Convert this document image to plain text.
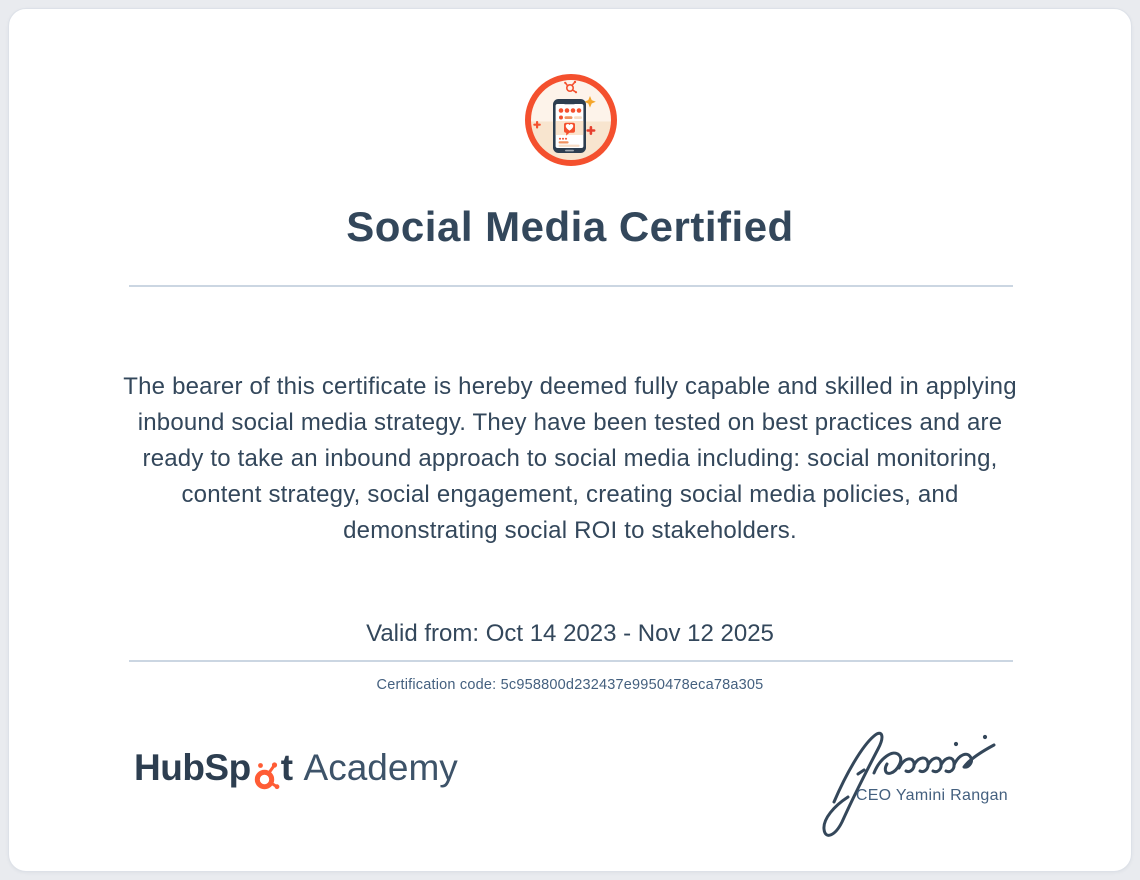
Social Media Certified
The bearer of this certificate is hereby deemed fully capable and skilled in applying inbound social media strategy. They have been tested on best practices and are ready to take an inbound approach to social media including: social monitoring, content strategy, social engagement, creating social media policies, and demonstrating social ROI to stakeholders.
Valid from: Oct 14 2023 - Nov 12 2025
Certification code: 5c958800d232437e9950478eca78a305
HubSp t Academy
CEO Yamini Rangan
